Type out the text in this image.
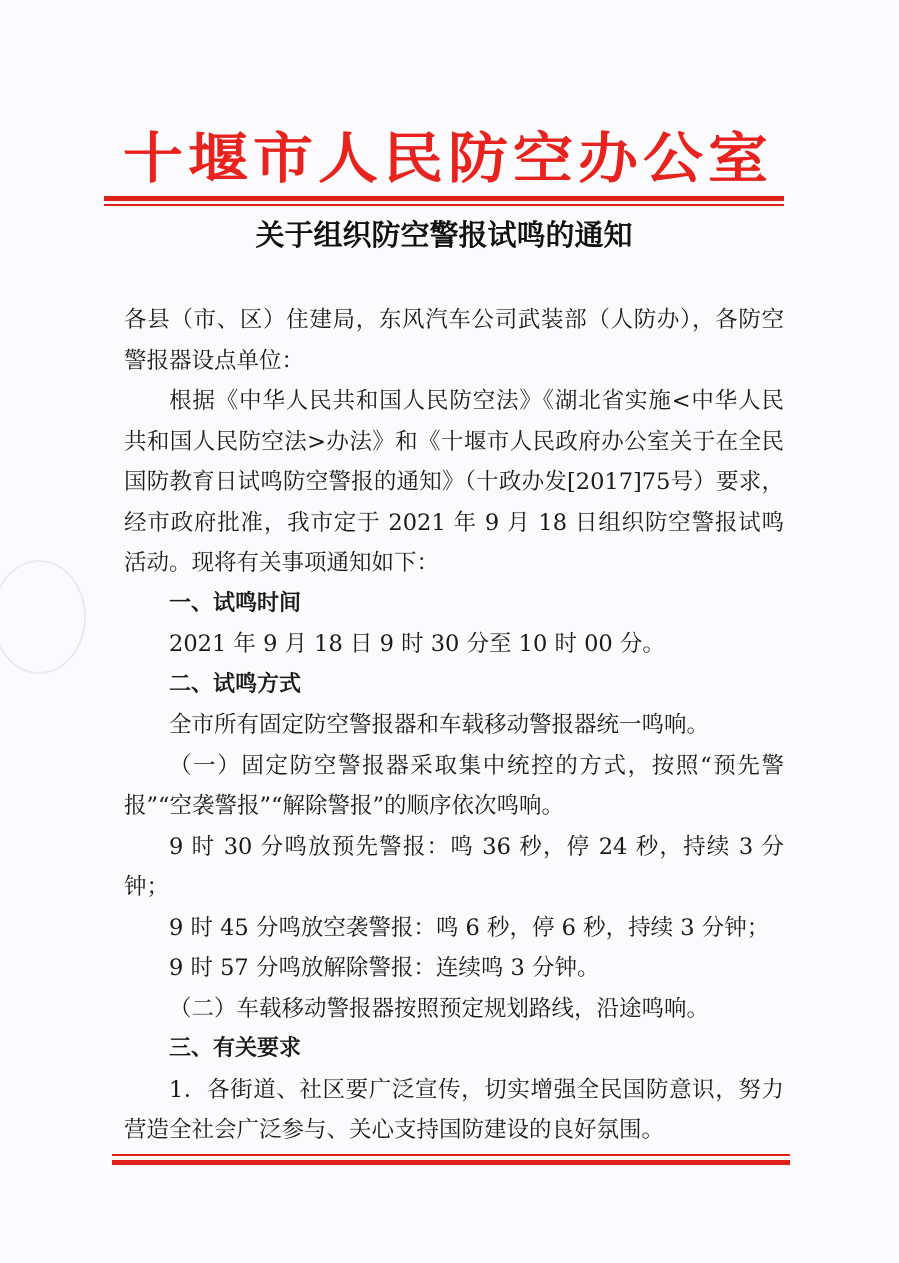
十堰市人民防空办公室
关于组织防空警报试鸣的通知

各县（市、区）住建局，东风汽车公司武装部（人防办），各防空警报器设点单位：

根据《中华人民共和国人民防空法》《湖北省实施<中华人民共和国人民防空法>办法》和《十堰市人民政府办公室关于在全民国防教育日试鸣防空警报的通知》（十政办发[2017]75号）要求，经市政府批准，我市定于 2021 年 9 月 18 日组织防空警报试鸣活动。现将有关事项通知如下：

一、试鸣时间

2021 年 9 月 18 日 9 时 30 分至 10 时 00 分。

二、试鸣方式

全市所有固定防空警报器和车载移动警报器统一鸣响。

（一）固定防空警报器采取集中统控的方式，按照“预先警报”“空袭警报”“解除警报”的顺序依次鸣响。

9 时 30 分鸣放预先警报：鸣 36 秒，停 24 秒，持续 3 分钟；

9 时 45 分鸣放空袭警报：鸣 6 秒，停 6 秒，持续 3 分钟；

9 时 57 分鸣放解除警报：连续鸣 3 分钟。

（二）车载移动警报器按照预定规划路线，沿途鸣响。

三、有关要求

1．各街道、社区要广泛宣传，切实增强全民国防意识，努力营造全社会广泛参与、关心支持国防建设的良好氛围。
